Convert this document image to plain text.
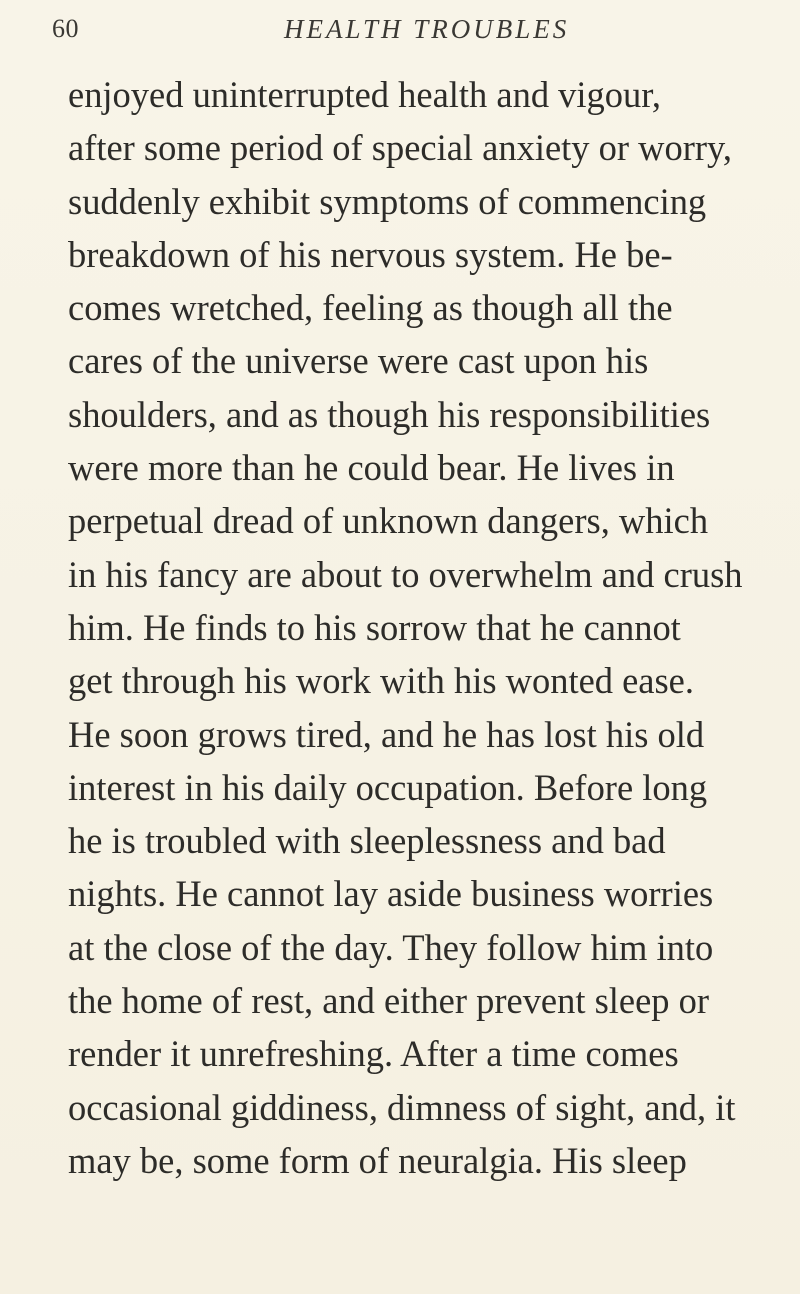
60	HEALTH TROUBLES
enjoyed uninterrupted health and vigour,
after some period of special anxiety or worry,
suddenly exhibit symptoms of commencing
breakdown of his nervous system. He be-
comes wretched, feeling as though all the
cares of the universe were cast upon his
shoulders, and as though his responsibilities
were more than he could bear. He lives in
perpetual dread of unknown dangers, which
in his fancy are about to overwhelm and crush
him. He finds to his sorrow that he cannot
get through his work with his wonted ease.
He soon grows tired, and he has lost his old
interest in his daily occupation. Before long
he is troubled with sleeplessness and bad
nights. He cannot lay aside business worries
at the close of the day. They follow him into
the home of rest, and either prevent sleep or
render it unrefreshing. After a time comes
occasional giddiness, dimness of sight, and, it
may be, some form of neuralgia. His sleep
